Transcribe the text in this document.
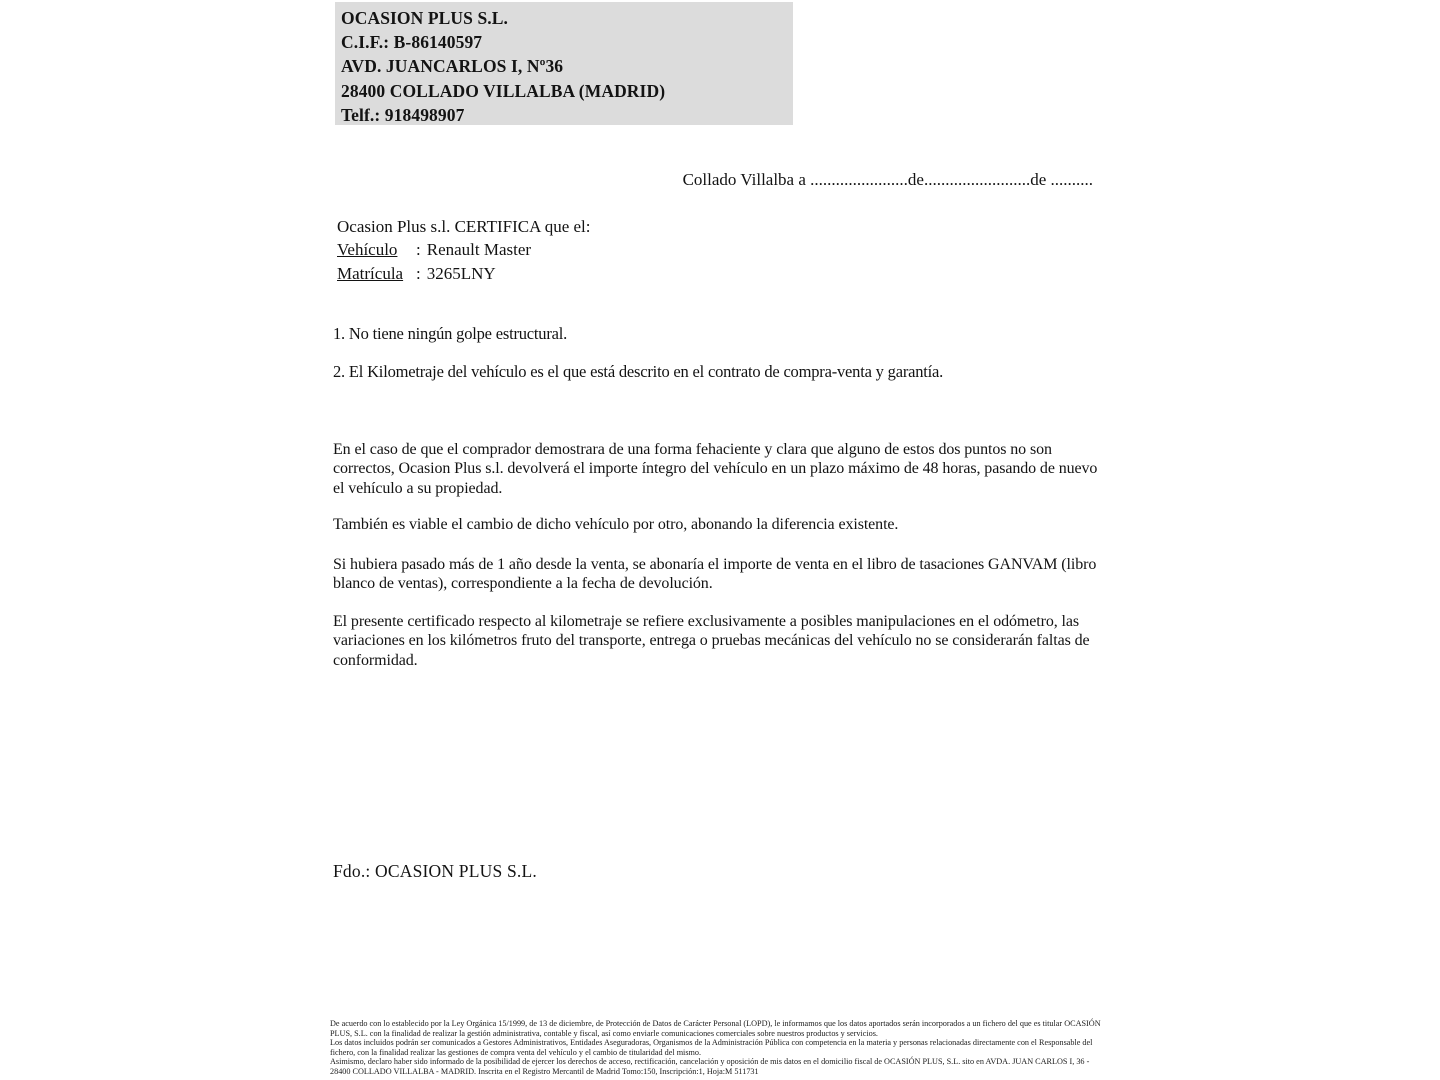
OCASION PLUS S.L.
C.I.F.: B-86140597
AVD. JUANCARLOS I, Nº36
28400 COLLADO VILLALBA (MADRID)
Telf.: 918498907
Collado Villalba a .......................de.........................de ..........
Ocasion Plus s.l. CERTIFICA que el:
Vehículo : Renault Master
Matrícula : 3265LNY
1. No tiene ningún golpe estructural.
2. El Kilometraje del vehículo es el que está descrito en el contrato de compra-venta y garantía.
En el caso de que el comprador demostrara de una forma fehaciente y clara que alguno de estos dos puntos no son correctos, Ocasion Plus s.l. devolverá el importe íntegro del vehículo en un plazo máximo de 48 horas, pasando de nuevo el vehículo a su propiedad.
También es viable el cambio de dicho vehículo por otro, abonando la diferencia existente.
Si hubiera pasado más de 1 año desde la venta, se abonaría el importe de venta en el libro de tasaciones GANVAM (libro blanco de ventas), correspondiente a la fecha de devolución.
El presente certificado respecto al kilometraje se refiere exclusivamente a posibles manipulaciones en el odómetro, las variaciones en los kilómetros fruto del transporte, entrega o pruebas mecánicas del vehículo no se considerarán faltas de conformidad.
Fdo.: OCASION PLUS S.L.
De acuerdo con lo establecido por la Ley Orgánica 15/1999, de 13 de diciembre, de Protección de Datos de Carácter Personal (LOPD), le informamos que los datos aportados serán incorporados a un fichero del que es titular OCASIÓN PLUS, S.L. con la finalidad de realizar la gestión administrativa, contable y fiscal, así como enviarle comunicaciones comerciales sobre nuestros productos y servicios.
Los datos incluidos podrán ser comunicados a Gestores Administrativos, Entidades Aseguradoras, Organismos de la Administración Pública con competencia en la materia y personas relacionadas directamente con el Responsable del fichero, con la finalidad realizar las gestiones de compra venta del vehículo y el cambio de titularidad del mismo.
Asimismo, declaro haber sido informado de la posibilidad de ejercer los derechos de acceso, rectificación, cancelación y oposición de mis datos en el domicilio fiscal de OCASIÓN PLUS, S.L. sito en AVDA. JUAN CARLOS I, 36 - 28400 COLLADO VILLALBA - MADRID. Inscrita en el Registro Mercantil de Madrid Tomo:150, Inscripción:1, Hoja:M 511731
